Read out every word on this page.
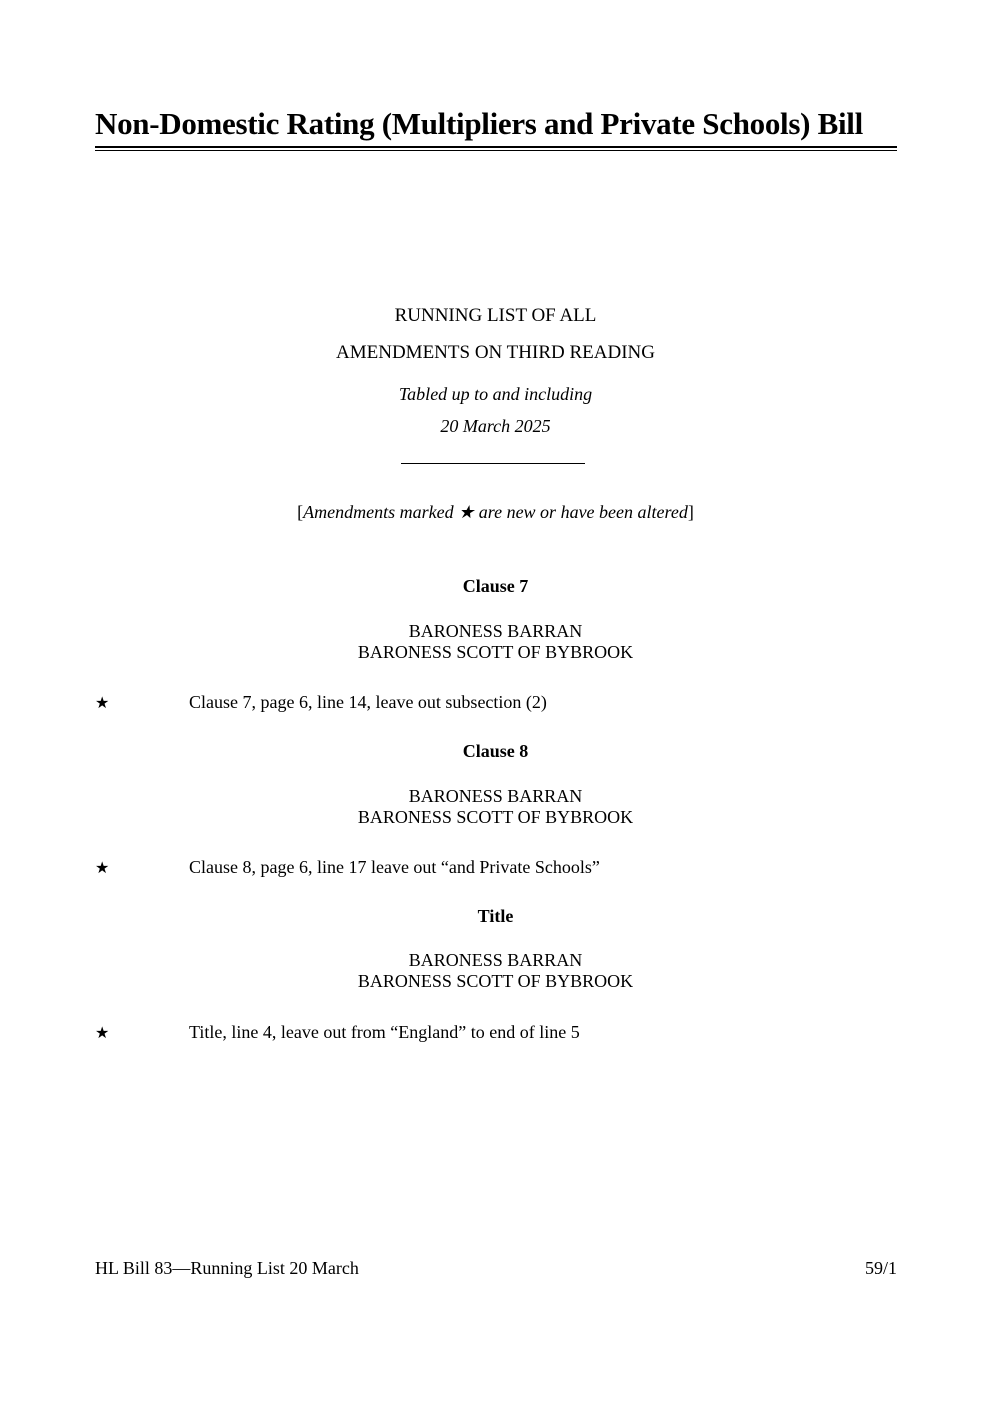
Non-Domestic Rating (Multipliers and Private Schools) Bill
RUNNING LIST OF ALL
AMENDMENTS ON THIRD READING
Tabled up to and including
20 March 2025
[Amendments marked ★ are new or have been altered]
Clause 7
BARONESS BARRAN
BARONESS SCOTT OF BYBROOK
★	Clause 7, page 6, line 14, leave out subsection (2)
Clause 8
BARONESS BARRAN
BARONESS SCOTT OF BYBROOK
★	Clause 8, page 6, line 17 leave out “and Private Schools”
Title
BARONESS BARRAN
BARONESS SCOTT OF BYBROOK
★	Title, line 4, leave out from “England” to end of line 5
HL Bill 83—Running List 20 March	59/1
